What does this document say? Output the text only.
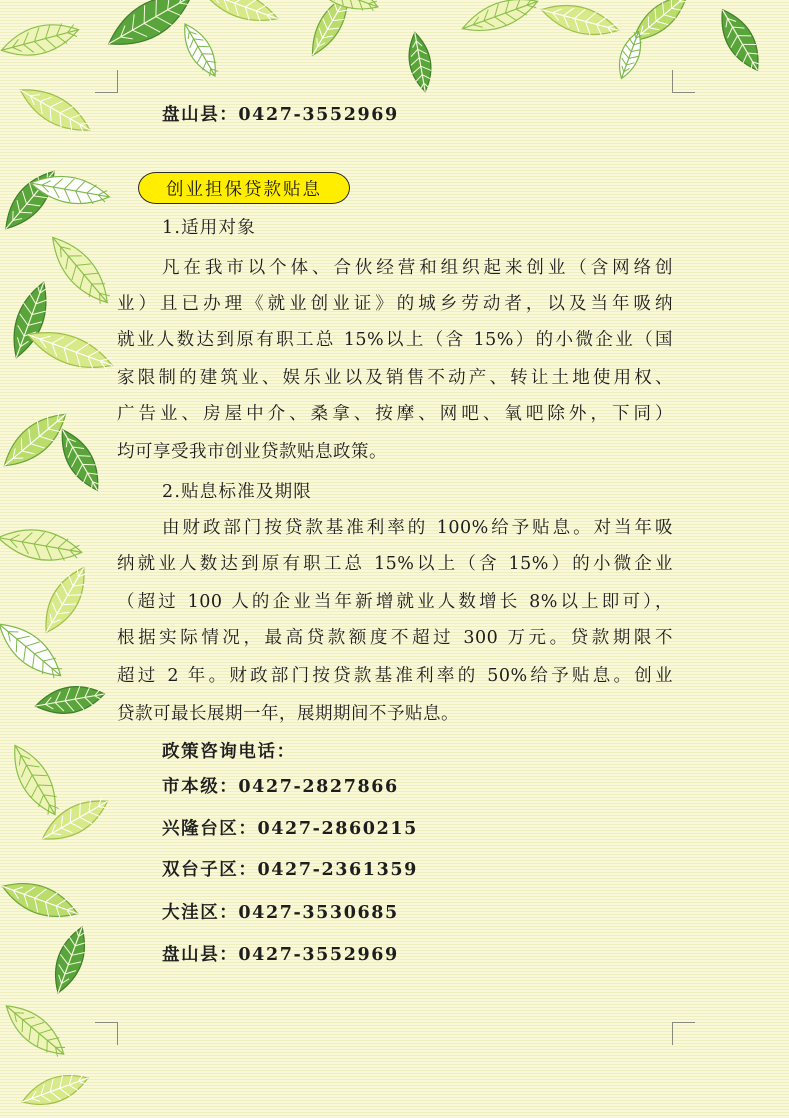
盘山县：0427-3552969
创业担保贷款贴息
1.适用对象
凡在我市以个体、合伙经营和组织起来创业（含网络创
业）且已办理《就业创业证》的城乡劳动者，以及当年吸纳
就业人数达到原有职工总 15%以上（含 15%）的小微企业（国
家限制的建筑业、娱乐业以及销售不动产、转让土地使用权、
广告业、房屋中介、桑拿、按摩、网吧、氧吧除外，下同）
均可享受我市创业贷款贴息政策。
2.贴息标准及期限
由财政部门按贷款基准利率的 100%给予贴息。对当年吸
纳就业人数达到原有职工总 15%以上（含 15%）的小微企业
（超过 100 人的企业当年新增就业人数增长 8%以上即可），
根据实际情况，最高贷款额度不超过 300 万元。贷款期限不
超过 2 年。财政部门按贷款基准利率的 50%给予贴息。创业
贷款可最长展期一年，展期期间不予贴息。
政策咨询电话：
市本级：0427-2827866
兴隆台区：0427-2860215
双台子区：0427-2361359
大洼区：0427-3530685
盘山县：0427-3552969
